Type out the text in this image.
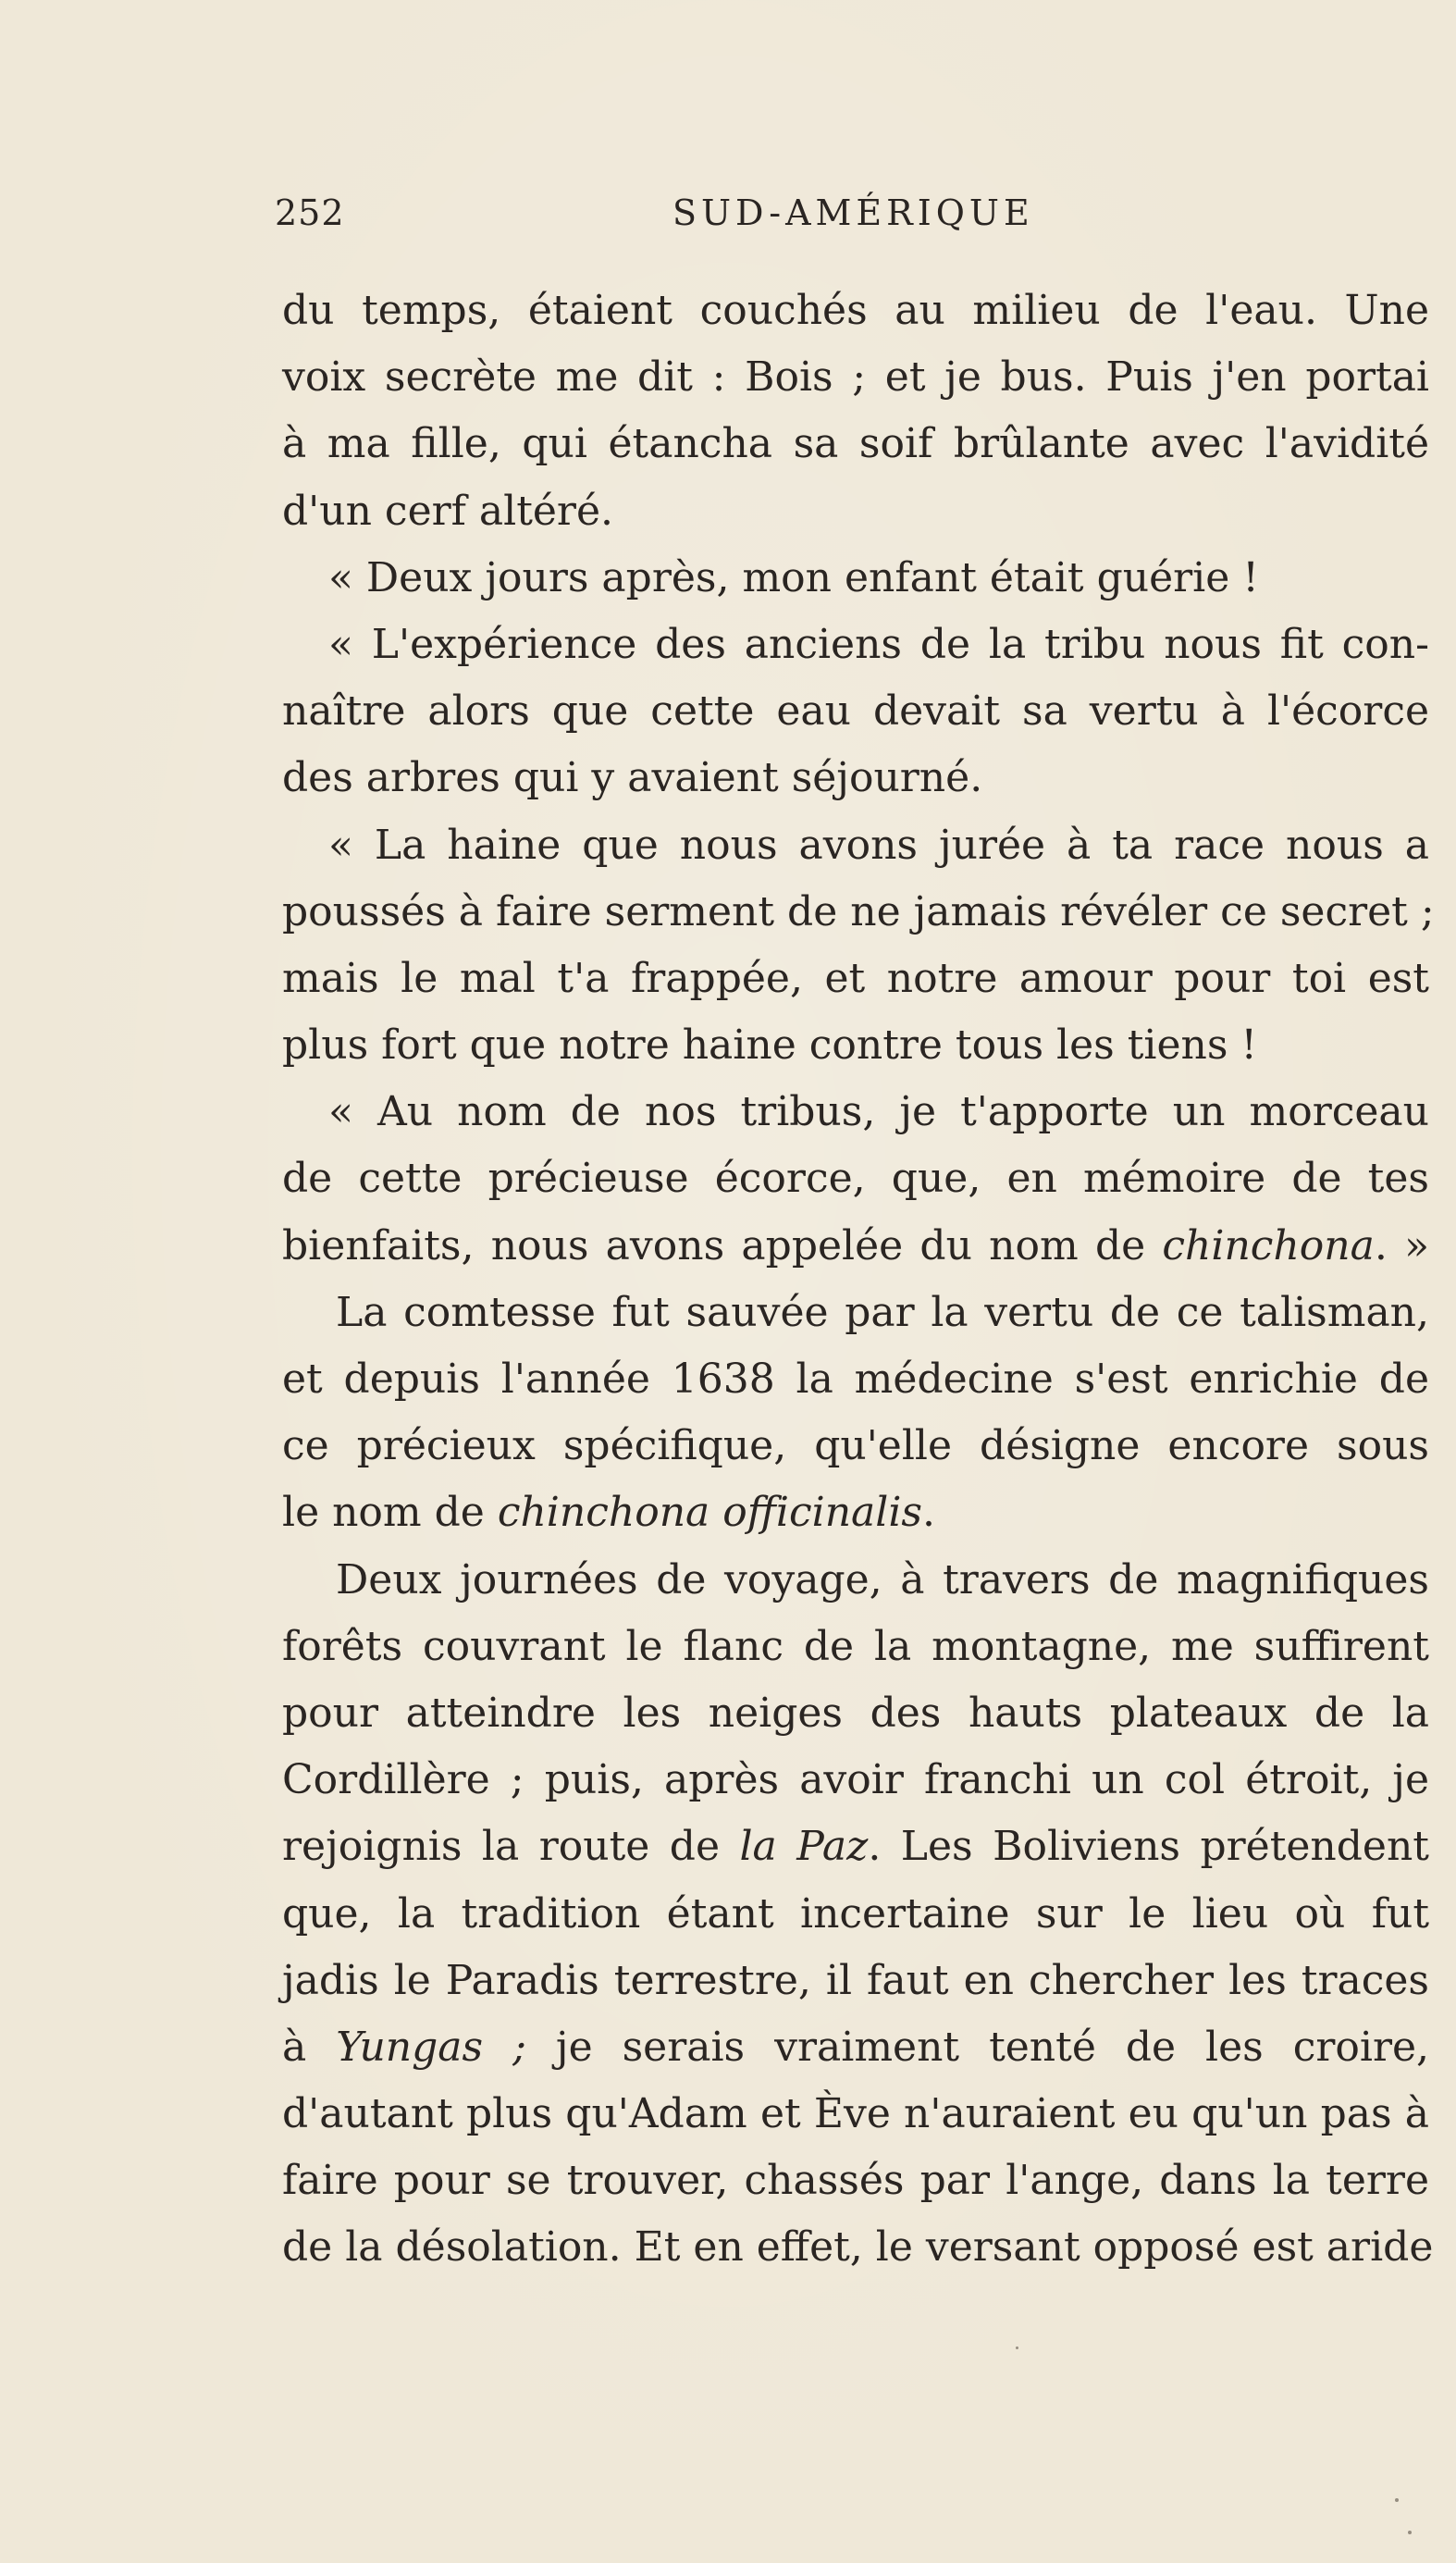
252	SUD-AMÉRIQUE
du temps, étaient couchés au milieu de l'eau. Une
voix secrète me dit : Bois ; et je bus. Puis j'en portai
à ma fille, qui étancha sa soif brûlante avec l'avidité
d'un cerf altéré.
« Deux jours après, mon enfant était guérie !
« L'expérience des anciens de la tribu nous fit con-
naître alors que cette eau devait sa vertu à l'écorce
des arbres qui y avaient séjourné.
« La haine que nous avons jurée à ta race nous a
poussés à faire serment de ne jamais révéler ce secret ;
mais le mal t'a frappée, et notre amour pour toi est
plus fort que notre haine contre tous les tiens !
« Au nom de nos tribus, je t'apporte un morceau
de cette précieuse écorce, que, en mémoire de tes
bienfaits, nous avons appelée du nom de chinchona. »
La comtesse fut sauvée par la vertu de ce talisman,
et depuis l'année 1638 la médecine s'est enrichie de
ce précieux spécifique, qu'elle désigne encore sous
le nom de chinchona officinalis.
Deux journées de voyage, à travers de magnifiques
forêts couvrant le flanc de la montagne, me suffirent
pour atteindre les neiges des hauts plateaux de la
Cordillère ; puis, après avoir franchi un col étroit, je
rejoignis la route de la Paz. Les Boliviens prétendent
que, la tradition étant incertaine sur le lieu où fut
jadis le Paradis terrestre, il faut en chercher les traces
à Yungas ; je serais vraiment tenté de les croire,
d'autant plus qu'Adam et Ève n'auraient eu qu'un pas à
faire pour se trouver, chassés par l'ange, dans la terre
de la désolation. Et en effet, le versant opposé est aride
